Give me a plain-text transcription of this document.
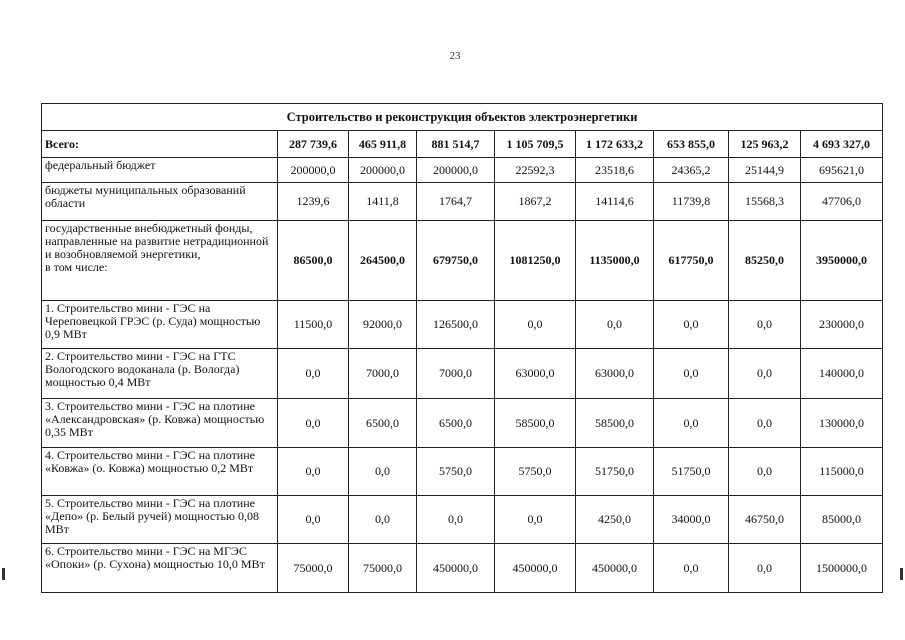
23
Строительство и реконструкция объектов электроэнергетики								
Всего:	287 739,6	465 911,8	881 514,7	1 105 709,5	1 172 633,2	653 855,0	125 963,2	4 693 327,0
федеральный бюджет	200000,0	200000,0	200000,0	22592,3	23518,6	24365,2	25144,9	695621,0
бюджеты муниципальных образований области	1239,6	1411,8	1764,7	1867,2	14114,6	11739,8	15568,3	47706,0
государственные внебюджетный фонды, направленные на развитие нетрадиционной и возобновляемой энергетики,
в том числе:	86500,0	264500,0	679750,0	1081250,0	1135000,0	617750,0	85250,0	3950000,0
1. Строительство мини - ГЭС на Череповецкой ГРЭС (р. Суда) мощностью 0,9 МВт	11500,0	92000,0	126500,0	0,0	0,0	0,0	0,0	230000,0
2. Строительство мини - ГЭС на ГТС Вологодского водоканала (р. Вологда) мощностью 0,4 МВт	0,0	7000,0	7000,0	63000,0	63000,0	0,0	0,0	140000,0
3. Строительство мини - ГЭС на плотине «Александровская» (р. Ковжа) мощностью 0,35 МВт	0,0	6500,0	6500,0	58500,0	58500,0	0,0	0,0	130000,0
4. Строительство мини - ГЭС на плотине «Ковжа» (о. Ковжа) мощностью 0,2 МВт	0,0	0,0	5750,0	5750,0	51750,0	51750,0	0,0	115000,0
5. Строительство мини - ГЭС на плотине «Депо» (р. Белый ручей) мощностью 0,08 МВт	0,0	0,0	0,0	0,0	4250,0	34000,0	46750,0	85000,0
6. Строительство мини - ГЭС на МГЭС «Опоки» (р. Сухона) мощностью 10,0 МВт	75000,0	75000,0	450000,0	450000,0	450000,0	0,0	0,0	1500000,0
